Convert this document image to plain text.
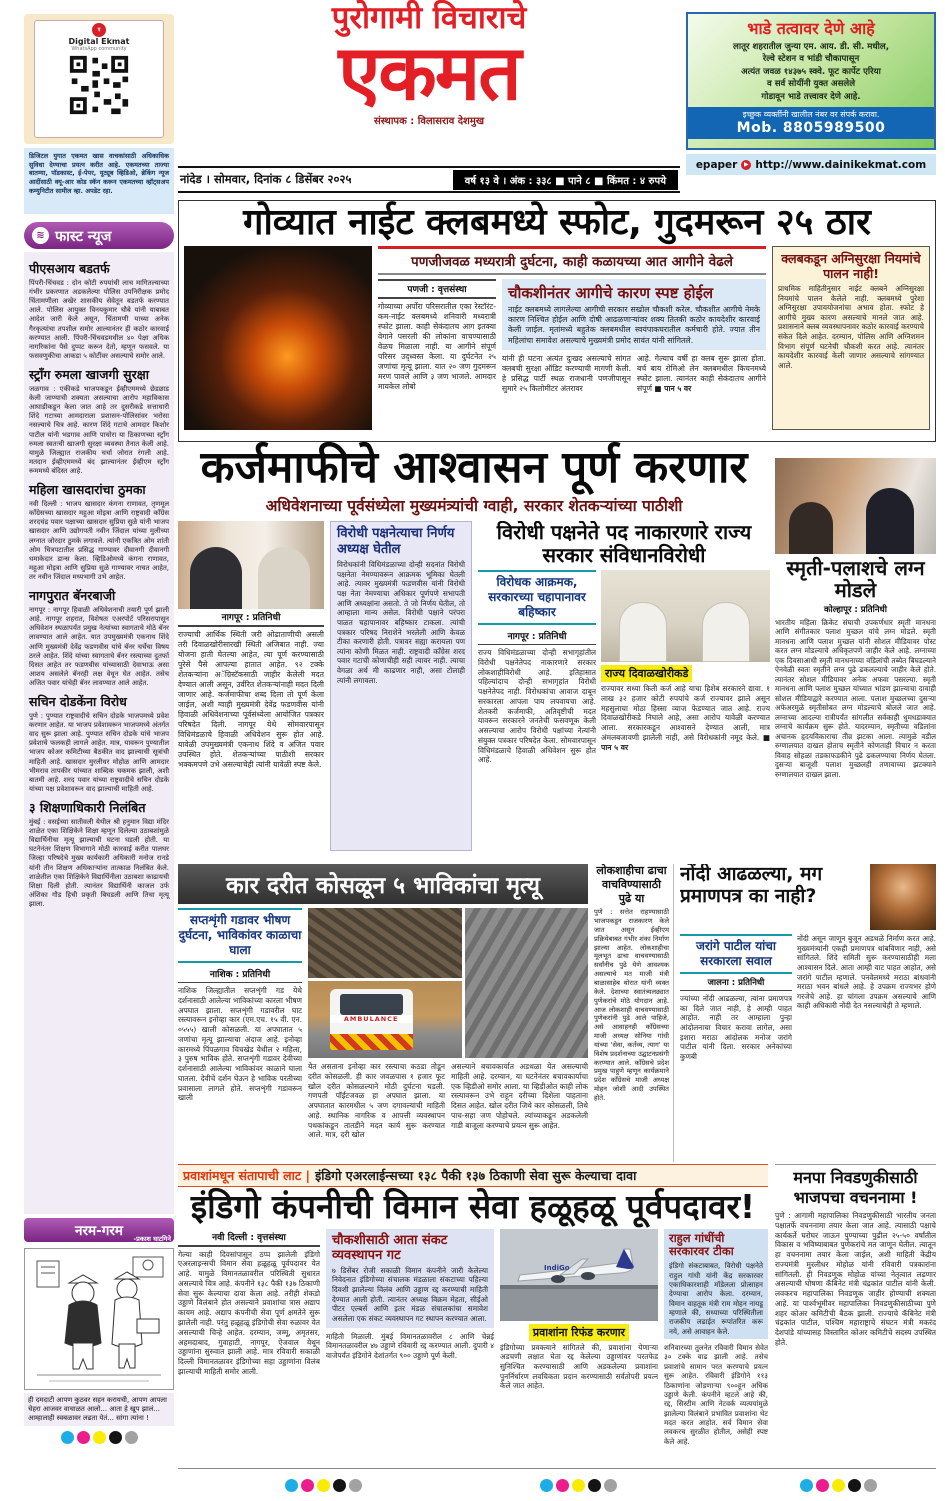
ए
Digital Ekmat
WhatsApp community
डिजिटल युगात एकमत खास वाचकांसाठी अधिकाधिक सुविधा देण्याचा प्रयत्न करीत आहे. एकमतच्या ताज्या बातम्या, पॉडकास्ट, ई-पेपर, यूट्यूब व्हिडिओ, ब्रेकिंग न्यूज आदींसाठी क्यू-आर कोड स्कॅन करून एकमतच्या व्हॉट्सअप कम्युनिटीत सामील व्हा. अपडेट रहा.
पुरोगामी विचाराचे
एकमत
संस्थापक : विलासराव देशमुख
भाडे तत्वावर देणे आहे
लातूर शहरातील जुन्या एम. आय. डी. सी. मधील,
रेल्वे स्टेशन व भांडी चौकापासून
अत्यंत जवळ १४३७५ स्क्वे. फूट कार्पेट एरिया
व सर्व सोयींनी युक्त असलेले
गोडावून भाडे तत्त्वावर देणे आहे.
इच्छुक व्यक्तींनी खालील नंबर वर संपर्क करावा.
Mob. 8805989500
epaper	▶ http://www.dainikekmat.com
नांदेड । सोमवार, दिनांक ८ डिसेंबर २०२५	वर्ष १३ वे । अंक : ३३८ ■ पाने ८ ■ किंमत : ४ रुपये
≋ फास्ट न्यूज
पीएसआय बडतर्फ
पिंपरी-चिंचवड : दोन कोटी रुपयांची लाच मागितल्याच्या गंभीर प्रकरणात अडकलेल्या पोलिस उपनिरीक्षक प्रमोद चिंतामणीला अखेर शासकीय सेवेतून बडतर्फ करण्यात आले. पोलिस आयुक्त विनयकुमार चौबे यांनी याबाबत आदेश जारी केले असून, चिंतामणी याच्या अनेक गैरकृत्यांचा तपशील समोर आल्यानंतर ही कठोर कारवाई करण्यात आली. पिंपरी-चिंचवडमधील ४० पेक्षा अधिक नागरिकांना पैसे दुप्पट करून देतो, म्हणून फसवले. या फसवणुकीचा आकडा ५ कोटींवर असल्याचे समोर आले.
स्ट्राँग रुमला खाजगी सुरक्षा
जळगाव : एकीकडे भाजपकडून ईव्हीएममध्ये छेडछाड केली जाण्याची शक्यता असल्याचा आरोप महाविकास आघाडीकडून केला जात आहे तर दुसरीकडे सत्ताधारी शिंदे गटाच्या आमदाराला प्रशासन-पोलिसांवर भरोसा नसल्याचे चित्र आहे. कारण शिंदे गटाचे आमदार किशोर पाटील यांनी भडगाव आणि पाचोरा या ठिकाणच्या स्ट्राँग रुमला स्वतःची खाजगी सुरक्षा व्यवस्था तैनात केली आहे. यामुळे जिल्ह्यात राजकीय चर्चा जोरात रंगली आहे. मतदान ईव्हीएममध्ये बंद झाल्यानंतर ईव्हीएम स्ट्राँग रूममध्ये बंदिस्त आहे.
महिला खासदारांचा ठुमका
नवी दिल्ली : भाजप खासदार कंगना राणावत, तृणमूल काँग्रेसच्या खासदार महुआ मोइत्रा आणि राष्ट्रवादी काँग्रेस शरदचंद्र पवार पक्षाच्या खासदार सुप्रिया सुळे यांनी भाजप खासदार आणि उद्योगपती नवीन जिंदाल यांच्या मुलीच्या लग्नात जोरदार ठुमके लगावले. त्यांनी एकत्रित ओम शांती ओम चित्रपटातील प्रसिद्ध गाण्यावर दीवानगी दीवानगी धमाकेदार डान्स केला. व्हिडिओमध्ये कंगना राणावत, महुआ मोइत्रा आणि सुप्रिया सुळे गाण्यावर नाचत आहेत, तर नवीन जिंदाल मध्यभागी उभे आहेत.
नागपुरात बॅनरबाजी
नागपूर : नागपूर हिवाळी अधिवेशनाची तयारी पूर्ण झाली आहे. नागपूर शहरात, विशेषतः एअरपोर्ट परिसरापासून अधिवेशन स्थळापर्यंत प्रमुख नेत्यांच्या स्वागताचे मोठे बॅनर लावण्यात आले आहेत. यात उपमुख्यमंत्री एकनाथ शिंदे आणि मुख्यमंत्री देवेंद्र फडणवीस यांचे बॅनर चर्चेचा विषय ठरले आहेत. शिंदे यांच्या स्वागताचे बॅनर रस्त्याच्या दुतर्फा दिसत आहेत तर फडणवीस यांच्यासाठी देवाभाऊ असा आशय असलेले बॅनरही लक्ष वेधून घेत आहेत. तसेच अजित पवार यांचेही बॅनर लावण्यात आले आहेत.
सचिन दोडकेंना विरोध
पुणे : पुण्यात राष्ट्रवादीचे सचिन दोडके भाजपमध्ये प्रवेश करणार आहेत. या भाजप प्रवेशावरून भाजपमध्ये अंतर्गत वाद सुरू झाला आहे. पुण्यात सचिन दोडके यांचे भाजप प्रवेशाचे फलकही लागले आहेत. मात्र, यावरून पुण्यातील भाजप कोअर कमिटीच्या बैठकीत वाद झाल्याची सूत्रांची माहिती आहे. खासदार मुरलीधर मोहोळ आणि आमदार भीमराव तापकीर यांच्यात शाब्दिक चकमक झाली, अशी बातमी आहे. शरद पवार यांच्या राष्ट्रवादीचे सचिन दोडके यांच्या पक्ष प्रवेशावरून वाद झाल्याची माहिती आहे.
३ शिक्षणाधिकारी निलंबित
मुंबई : वसईच्या सातीवली येथील श्री हनुमान विद्या मंदिर शाळेत एका शिक्षिकेने शिक्षा म्हणून दिलेल्या उठाबशांमुळे विद्यार्थिनीचा मृत्यू झाल्याची घटना घडली होती. या घटनेनंतर शिक्षण विभागाने मोठी कारवाई करीत पालघर जिल्हा परिषदेचे मुख्य कार्यकारी अधिकारी मनोज रानडे यांनी तीन शिक्षण अधिकाऱ्यांना तात्काळ निलंबित केले. शाळेतील एका शिक्षिकेने विद्यार्थिनीला उठाबशा काढायची शिक्षा दिली होती. त्यानंतर विद्यार्थिनी काजल उर्फ अंशिका गौड हिची प्रकृती बिघडली आणि तिचा मृत्यू झाला.
नरम-गरम -प्रकाश घाटगिने
ही दमदाटी आपण कुठवर सहन करायची, आपण आपला चेहरा आजवर वाचाळत आलो... आता हे खूप झालं... आम्हालाही स्वबळावर लढता येतं... सांगा त्यांना !
गोव्यात नाईट क्लबमध्ये स्फोट, गुदमरून २५ ठार
पणजीजवळ मध्यरात्री दुर्घटना, काही कळायच्या आत आगीने वेढले
पणजी : वृत्तसंस्था
गोव्याच्या अर्पोरा परिसरातील एका रेस्टॉरंट-कम-नाईट क्लबमध्ये शनिवारी मध्यरात्री स्फोट झाला. काही सेकंदातच आग इतक्या वेगाने पसरली की लोकांना वाचण्यासाठी वेळच मिळाला नाही. या आगीने संपूर्ण परिसर उद्ध्वस्त केला. या दुर्घटनेत २५ जणांचा मृत्यू झाला. यात २० जण गुदमरून मरण पावले आणि ३ जण भाजले. आमदार मायकेल लोबो
चौकशीनंतर आगीचे कारण स्पष्ट होईल
नाईट क्लबमध्ये लागलेल्या आगीची सरकार सखोल चौकशी करेल. चौकशीत आगीचे नेमके कारण निश्चित होईल आणि दोषी आढळणाऱ्यांवर शक्य तितकी कठोर कायदेशीर कारवाई केली जाईल. मृतांमध्ये बहुतेक क्लबमधील स्वयंपाकघरातील कर्मचारी होते. ज्यात तीन महिलांचा समावेश असल्याचे मुख्यमंत्री प्रमोद सावंत यांनी सांगितले.
यांनी ही घटना अत्यंत दुःखद असल्याचे सांगत क्लबची सुरक्षा ऑडिट करण्याची मागणी केली. हे प्रसिद्ध पार्टी स्थळ राजधानी पणजीपासून सुमारे २५ किलोमीटर अंतरावर
आहे. गेल्याच वर्षी हा क्लब सुरू झाला होता. बर्च बाय रोमिओ लेन क्लबमधील किचनमध्ये स्फोट झाला. त्यानंतर काही सेकंदातच आगीने संपूर्ण ■ पान ५ वर
क्लबकडून अग्निसुरक्षा नियमांचे पालन नाही!
प्राथमिक माहितीनुसार नाईट क्लबने अग्निसुरक्षा नियमांचे पालन केलेले नाही. क्लबमध्ये पुरेशा अग्निसुरक्षा उपाययोजनांचा अभाव होता. स्फोट हे आगीचे मुख्य कारण असल्याचे मानले जात आहे. प्रशासनाने क्लब व्यवस्थापनावर कठोर कारवाई करण्याचे संकेत दिले आहेत. दरम्यान, पोलिस आणि अग्निशमन विभाग संपूर्ण घटनेची चौकशी करत आहे. त्यानंतर कायदेशीर कारवाई केली जाणार असल्याचे सांगण्यात आले.
कर्जमाफीचे आश्वासन पूर्ण करणार
अधिवेशनाच्या पूर्वसंध्येला मुख्यमंत्र्यांची ग्वाही, सरकार शेतकऱ्यांच्या पाठीशी
नागपूर : प्रतिनिधी
राज्याची आर्थिक स्थिती जरी ओढाताणीची असली तरी दिवाळखोरीसारखी स्थिती अजिबात नाही. ज्या योजना हाती घेतल्या आहेत, त्या पूर्ण करण्यासाठी पुरेसे पैसे आपल्या हातात आहेत. ९२ टक्के शेतकऱ्यांना अॅग्रिस्टॅकसाठी जाहीर केलेली मदत देण्यात आली असून, उर्वरित शेतकऱ्यांनाही मदत दिली जाणार आहे. कर्जमाफीचा शब्द दिला तो पूर्ण केला जाईल, अशी ग्वाही मुख्यमंत्री देवेंद्र फडणवीस यांनी हिवाळी अधिवेशनाच्या पूर्वसंध्येला आयोजित पत्रकार परिषदेत दिली. नागपूर येथे सोमवारपासून विधिमंडळाचे हिवाळी अधिवेशन सुरू होत आहे. यावेळी उपमुख्यमंत्री एकनाथ शिंदे व अजित पवार उपस्थित होते. शेतकऱ्यांच्या पाठीशी सरकार भक्कमपणे उभे असल्याचेही त्यांनी यावेळी स्पष्ट केले.
विरोधी पक्षनेत्याचा निर्णय अध्यक्ष घेतील
विरोधकांनी विधिमंडळाच्या दोन्ही सदनांत विरोधी पक्षनेता नेमण्यावरून आक्रमक भूमिका घेतली आहे. त्यावर मुख्यमंत्री फडणवीस यांनी विरोधी पक्ष नेता नेमण्याचा अधिकार पूर्णपणे सभापती आणि अध्यक्षांना असतो. ते जो निर्णय घेतील, तो आम्हाला मान्य असेल. विरोधी पक्षाने परंपरा पाळत चहापानावर बहिष्कार टाकला. त्यांची पत्रकार परिषद निराशेने भरलेली आणि केवळ टीका करणारी होती. पत्रावर सह्या करायला पण त्यांना कोणी मिळत नाही. राष्ट्रवादी काँग्रेस शरद पवार गटाची कोणाचीही सही त्यावर नाही. त्याचा वेगळा अर्थ मी काढणार नाही, असा टोलाही त्यांनी लगावला.
विरोधी पक्षनेते पद नाकारणारे राज्य सरकार संविधानविरोधी
विरोधक आक्रमक, सरकारच्या चहापानावर बहिष्कार
नागपूर : प्रतिनिधी
राज्य विधिमंडळाच्या दोन्ही सभागृहांतील विरोधी पक्षनेतेपद नाकारणारे सरकार लोकशाहीविरोधी आहे. इतिहासात पहिल्यांदाच दोन्ही सभागृहांत विरोधी पक्षनेतेपद नाही. विरोधकांचा आवाज दाबून सरकारला आपला पाय लपवायचा आहे. शेतकरी कर्जमाफी, अतिवृष्टीची मदत यावरून सरकारने जनतेची फसवणूक केली असल्याचा आरोप विरोधी पक्षांच्या नेत्यांनी संयुक्त पत्रकार परिषदेत केला. सोमवारपासून विधिमंडळाचे हिवाळी अधिवेशन सुरू होत आहे.
राज्य दिवाळखोरीकडे
राज्यावर सध्या किती कर्ज आहे याचा हिशेब सरकारने द्यावा. १ लाख ३२ हजार कोटी रुपयांचे कर्ज राज्यावर झाले असून महसुलाचा मोठा हिस्सा व्याज फेडण्यात जात आहे. राज्य दिवाळखोरीकडे निघाले आहे, असा आरोप यावेळी करण्यात आला. सरकारकडून आश्वासने देण्यात आली, मात्र अंमलबजावणी झालेली नाही, असे विरोधकांनी नमूद केले. ■ पान ५ वर
स्मृती-पलाशचे लग्न मोडले
कोल्हापूर : प्रतिनिधी
भारतीय महिला क्रिकेट संघाची उपकर्णधार स्मृती मानधना आणि संगीतकार पलाश मुच्छल यांचे लग्न मोडले. स्मृती मानधना आणि पलाश मुच्छल यांनी सोशल मीडियावर पोस्ट करत लग्न मोडल्याचे अधिकृतपणे जाहीर केले आहे. लग्नाच्या एक दिवसाआधी स्मृती मानधनाच्या वडिलांची तब्येत बिघडल्याने ऐनवेळी स्वतः स्मृतीने लग्न पुढे ढकलल्याचे जाहीर केले होते. त्यानंतर सोशल मीडियावर अनेक अफवा पसरल्या. स्मृती मानधना आणि पलाश मुच्छल यांच्यात भांडण झाल्याचा दावाही सोशल मीडियाद्वारे करण्यात आला. पलाश मुच्छलच्या दुसऱ्या अफेअरमुळे स्मृतीसोबत लग्न मोडल्याचे बोलले जात आहे. लग्नाच्या आदल्या रात्रीपर्यंत सांगलीत सर्वकाही धुमधडाक्यात लग्नाचे कार्यक्रम सुरू होते. यादरम्यान, स्मृतीच्या वडिलांना अचानक हृदयविकाराचा तीव्र झटका आला. त्यामुळे वडील रुग्णालयात दाखल होताच स्मृतीने कोणताही विचार न करता विवाह सोहळा तडकाफडकीने पुढे ढकलण्याचा निर्णय घेतला. दुसऱ्या बाजूशी पलाश मुच्छलही तणावाच्या झटक्याने रुग्णालयात दाखल झाला.
कार दरीत कोसळून ५ भाविकांचा मृत्यू
सप्तशृंगी गडावर भीषण दुर्घटना, भाविकांवर काळाचा घाला
नाशिक : प्रतिनिधी
नाशिक जिल्ह्यातील सप्तशृंगी गड येथे दर्शनासाठी आलेल्या भाविकांच्या कारला भीषण अपघात झाला. सप्तशृंगी गडावरील घाट रस्त्यावरून इनोव्हा कार (एम.एच. १५ वी. एन. ०५५५) खाली कोसळली. या अपघातात ५ जणांचा मृत्यू झाल्याचा अंदाज आहे. इनोव्हा कारमध्ये पिंपळगाव चिचखेड येथील २ महिला, ३ पुरुष भाविक होते. सप्तशृंगी गडावर देवीच्या दर्शनासाठी आलेल्या भाविकांवर काळाने घाला घातला. देवीचे दर्शन घेऊन हे भाविक परतीच्या प्रवासाला लागले होते. सप्तशृंगी गडावरून खाली
AMBULANCE
येत असताना इनोव्हा कार रस्त्याचा कठडा तोडून दरीत कोसळली. ही कार जवळपास १ हजार फूट खोल दरीत कोसळल्याने मोठी दुर्घटना घडली. गणपती पॉईंटजवळ हा अपघात झाला. या अपघातात कारमधील ५ जण दगावल्याची माहिती आहे. स्थानिक नागरिक व आपत्ती व्यवस्थापन पथकांकडून तातडीने मदत कार्य सुरू करण्यात आले. मात्र, दरी खोल
असल्याने बचावकार्यात अडथळा येत असल्याची माहिती आहे. दरम्यान, या घटनेनंतर बचावकार्याचा एक व्हिडीओ समोर आला. या व्हिडीओत काही लोक रस्त्यावरून उभे राहून दरीच्या दिशेला पाहताना दिसत आहेत. खोल दरीत जिथे कार कोसळली, तिथे पाच-सहा जण पोहोचले. त्यांच्याकडून अडकलेली गाडी बाजूला करण्याचे प्रयत्न सुरू आहेत.
लोकशाहीचा ढाचा वाचविण्यासाठी पुढे या
पुणे : सत्तेत राहण्यासाठी भाजपकडून राजकारण केले जात असून ईव्हीएम प्रक्रियेबाबत गंभीर शंका निर्माण झाल्या आहेत. लोकशाहीचा मूलभूत ढाचा वाचवण्यासाठी सर्वांनीच पुढे येणे आवश्यक असल्याचे मत माजी मंत्री बाळासाहेब थोरात यांनी व्यक्त केले. देशाच्या स्वातंत्र्यलढ्यात पुणेकरांचे मोठे योगदान आहे. आज लोकशाही वाचवण्यासाठी पुणेकरांनी पुढे आले पाहिजे, असे आवाहनही काँग्रेसच्या माजी अध्यक्ष सोनिया गांधी यांच्या 'सेवा, कर्तव्य, त्याग' या विशेष प्रदर्शनाच्या उद्घाटनप्रसंगी करण्यात आले. काँग्रेसचे प्रदेश प्रमुख पाहुणे म्हणून कार्यक्रमाने प्रदेश काँग्रेसचे माजी अध्यक्ष मोहन जोशी आदी उपस्थित होते.
नोंदी आढळल्या, मग प्रमाणपत्र का नाही?
जरांगे पाटील यांचा सरकारला सवाल
जालना : प्रतिनिधी
ज्यांच्या नोंदी आढळल्या, त्यांना प्रमाणपत्र का दिले जात नाही, हे आम्ही पाहत आहोत. नाही तर आम्हाला पुन्हा आंदोलनाचा विचार करावा लागेल, असा इशारा मराठा आंदोलक मनोज जरांगे पाटील यांनी दिला. सरकार अनेकांच्या कुणबी
नोंदी असून जाणून बुजून अडथळे निर्माण करत आहे. मुख्यमंत्र्यांनी एकही प्रमाणपत्र थांबविणार नाही, असे सांगितले. शिंदे समिती सुरू करण्यासाठीही मला आश्वासन दिले. आता आम्ही वाट पाहत आहोत, असे जरांगे पाटील म्हणाले. पनवेलमध्ये मराठा बांधवांनी मराठा भवन बांधले आहे. हे उपक्रम राज्यभर होणे गरजेचे आहे. हा चांगला उपक्रम असल्याचे आणि काही अधिकारी नोंदी देत नसल्याचेही ते म्हणाले.
प्रवाशांमधून संतापाची लाट | इंडिगो एअरलाईन्सच्या १३८ पैकी १३७ ठिकाणी सेवा सुरू केल्याचा दावा
इंडिगो कंपनीची विमान सेवा हळूहळू पूर्वपदावर!
नवी दिल्ली : वृत्तसंस्था
गेल्या काही दिवसांपासून ठप्प झालेली इंडिगो एअरलाइन्सची विमान सेवा हळूहळू पूर्वपदावर येत आहे. यामुळे विमानतळावरील परिस्थिती सुधारत असल्याचे चित्र आहे. कंपनीने १३८ पैकी १३७ ठिकाणी सेवा सुरू केल्याचा दावा केला आहे. तरीही शेकडो उड्डाणे विलंबाने होत असल्याने प्रवाशांचा त्रास अद्याप कायम आहे. अद्याप कंपनीची सेवा पूर्ण क्षमतेने सुरू झालेली नाही. परंतु हळूहळू इंडिगोची सेवा रुळावर येत असल्याची चिन्हे आहेत. दरम्यान, जम्मू, अमृतसर, अहमदाबाद, गुवाहाटी, नागपूर, ऐजवाल येथून उड्डाणांना सुरुवात झाली आहे. मात्र रविवारी सकाळी दिल्ली विमानतळावर इंडिगोच्या सहा उड्डाणांना विलंब झाल्याची माहिती समोर आली.
चौकशीसाठी आता संकट व्यवस्थापन गट
७ डिसेंबर रोजी सकाळी विमान कंपनीने जारी केलेल्या निवेदनात इंडिगोच्या संचालक मंडळाला संकटाच्या पहिल्या दिवशी झालेल्या विलंब आणि उड्डाण रद्द करण्याची माहिती देण्यात आली होती. त्यानंतर अध्यक्ष विक्रम मेहता, सीईओ पीटर एल्बर्स आणि इतर मंडळ संचालकांचा समावेश असलेला एक संकट व्यवस्थापन गट स्थापन करण्यात आला.
माहिती मिळाली. मुंबई विमानतळावरील ८ आणि चेन्नई विमानतळावरील ४७ उड्डाणे रविवारी रद्द करण्यात आली. दुपारी ४ वाजेपर्यंत इंडिगोने देशांतर्गत ९०० उड्डाणे पूर्ण केली.
IndiGo
प्रवाशांना रिफंड करणार
इंडिगोच्या प्रवक्त्याने सांगितले की, प्रवाशांना येणाऱ्या अडचणी लक्षात घेता रद्द केलेल्या उड्डाणांवर परतफेड सुनिश्चित करण्यासाठी आणि अडकलेल्या प्रवाशांना पुनर्निर्धारण लवचिकता प्रदान करण्यासाठी सर्वतोपरी प्रयत्न केले जात आहेत.
राहुल गांधींची सरकारवर टीका
इंडिगो संकटाबाबत, विरोधी पक्षनेते राहुल गांधी यांनी केंद्र सरकारवर एकाधिकारशाही मॉडेलला प्रोत्साहन देण्याचा आरोप केला. दरम्यान, विमान वाहतूक मंत्री राम मोहन नायडू म्हणाले की, सध्याच्या परिस्थितीला राजकीय लढाईत रूपांतरित करू नये, असे आवाहन केले.
शनिवारच्या तुलनेत रविवारी विमान सेवेत ३० टक्के वाढ झाली आहे. तसेच प्रवाशांचे सामान परत करण्याचे प्रयत्न सुरू आहेत. रविवारी इंडिगोने ११३ ठिकाणांना जोडणाऱ्या ९००हून अधिक उड्डाणे केली. कंपनीने म्हटले आहे की, रद्द, सिस्टीम आणि नेटवर्क व्यत्ययांमुळे झालेल्या विलंबाने प्रभावित प्रवाशांना थेट मदत करत आहोत. सर्व विमान सेवा लवकरच सुरळीत होतील, असेही स्पष्ट केले आहे.
मनपा निवडणुकीसाठी भाजपचा वचननामा !
पुणे : आगामी महापालिका निवडणुकीसाठी भारतीय जनता पक्षातर्फे वचननामा तयार केला जात आहे. त्यासाठी पक्षाचे कार्यकर्ते घरोघर जाऊन पुण्याच्या पुढील २५-५० वर्षांतील विकास व भविष्याबाबत पुणेकरांचे मत जाणून घेतील. त्यातून हा वचननामा तयार केला जाईल, अशी माहिती केंद्रीय राज्यमंत्री मुरलीधर मोहोळ यांनी रविवारी पत्रकारांना सांगितली. ही निवडणूक मोहोळ यांच्या नेतृत्वात लढणार असल्याची घोषणा कॅबिनेट मंत्री चंद्रकांत पाटील यांनी केली. लवकरच महापालिका निवडणूक जाहीर होण्याची शक्यता आहे. या पार्श्वभूमीवर महापालिका निवडणुकीसाठीच्या पुणे शहर कोअर कमिटीची बैठक झाली. राज्याचे कॅबिनेट मंत्री चंद्रकांत पाटील, पश्चिम महाराष्ट्राचे संघटन मंत्री मकरंद देशपांडे यांच्यासह विस्तारित कोअर कमिटीचे सदस्य उपस्थित होते.
